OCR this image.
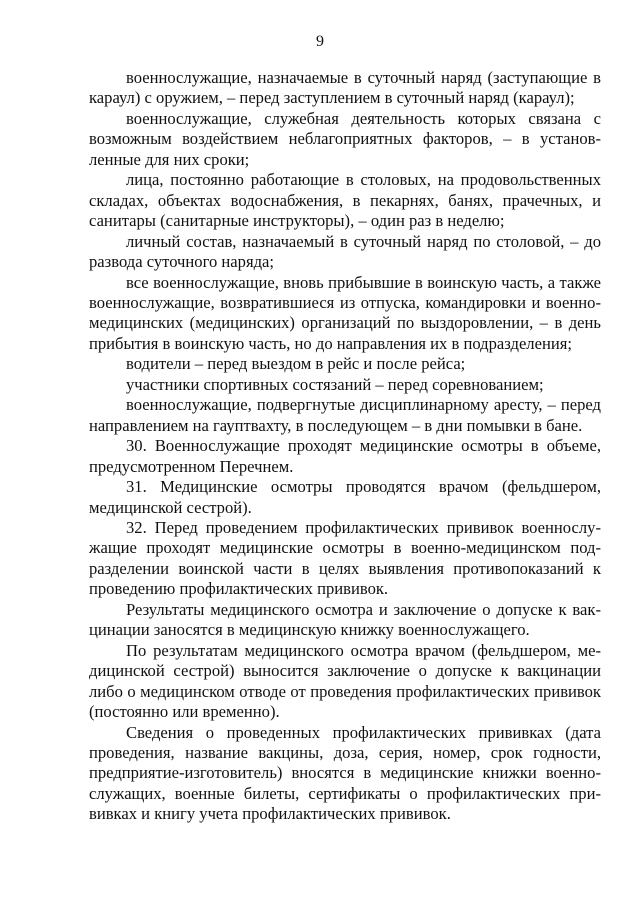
9

военнослужащие, назначаемые в суточный наряд (заступающие в караул) с оружием, – перед заступлением в суточный наряд (караул);

военнослужащие, служебная деятельность которых связана с возможным воздействием неблагоприятных факторов, – в установленные для них сроки;

лица, постоянно работающие в столовых, на продовольственных складах, объектах водоснабжения, в пекарнях, банях, прачечных, и санитары (санитарные инструкторы), – один раз в неделю;

личный состав, назначаемый в суточный наряд по столовой, – до развода суточного наряда;

все военнослужащие, вновь прибывшие в воинскую часть, а также военнослужащие, возвратившиеся из отпуска, командировки и военно-медицинских (медицинских) организаций по выздоровлении, – в день прибытия в воинскую часть, но до направления их в подразделения;

водители – перед выездом в рейс и после рейса;

участники спортивных состязаний – перед соревнованием;

военнослужащие, подвергнутые дисциплинарному аресту, – перед направлением на гауптвахту, в последующем – в дни помывки в бане.

30. Военнослужащие проходят медицинские осмотры в объеме, предусмотренном Перечнем.

31. Медицинские осмотры проводятся врачом (фельдшером, медицинской сестрой).

32. Перед проведением профилактических прививок военнослужащие проходят медицинские осмотры в военно-медицинском подразделении воинской части в целях выявления противопоказаний к проведению профилактических прививок.

Результаты медицинского осмотра и заключение о допуске к вакцинации заносятся в медицинскую книжку военнослужащего.

По результатам медицинского осмотра врачом (фельдшером, медицинской сестрой) выносится заключение о допуске к вакцинации либо о медицинском отводе от проведения профилактических прививок (постоянно или временно).

Сведения о проведенных профилактических прививках (дата проведения, название вакцины, доза, серия, номер, срок годности, предприятие-изготовитель) вносятся в медицинские книжки военнослужащих, военные билеты, сертификаты о профилактических прививках и книгу учета профилактических прививок.
